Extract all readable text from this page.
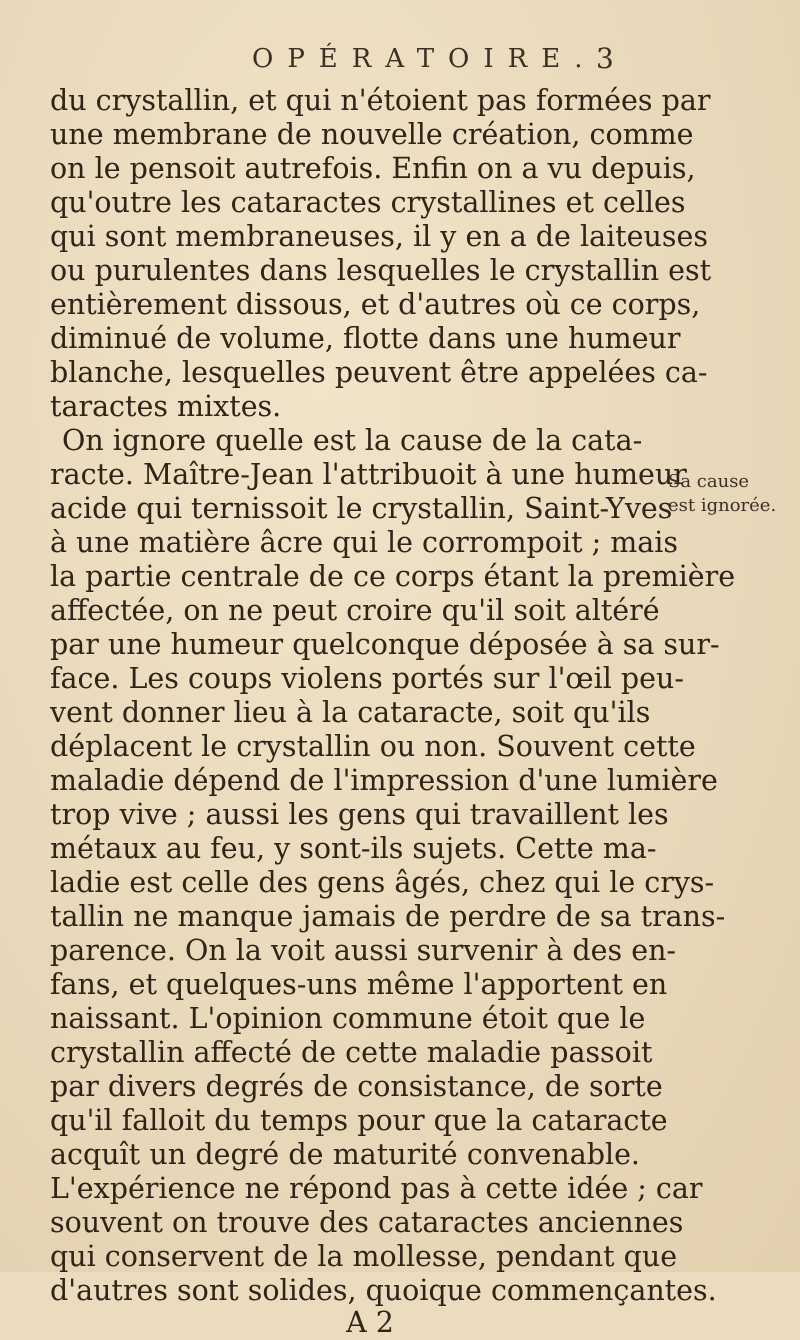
OPÉRATOIRE. 3
du crystallin, et qui n'étoient pas formées par
une membrane de nouvelle création, comme
on le pensoit autrefois. Enfin on a vu depuis,
qu'outre les cataractes crystallines et celles
qui sont membraneuses, il y en a de laiteuses
ou purulentes dans lesquelles le crystallin est
entièrement dissous, et d'autres où ce corps,
diminué de volume, flotte dans une humeur
blanche, lesquelles peuvent être appelées ca-
taractes mixtes.
On ignore quelle est la cause de la cata-
racte. Maître-Jean l'attribuoit à une humeur
acide qui ternissoit le crystallin, Saint-Yves
à une matière âcre qui le corrompoit ; mais
la partie centrale de ce corps étant la première
affectée, on ne peut croire qu'il soit altéré
par une humeur quelconque déposée à sa sur-
face. Les coups violens portés sur l'œil peu-
vent donner lieu à la cataracte, soit qu'ils
déplacent le crystallin ou non. Souvent cette
maladie dépend de l'impression d'une lumière
trop vive ; aussi les gens qui travaillent les
métaux au feu, y sont-ils sujets. Cette ma-
ladie est celle des gens âgés, chez qui le crys-
tallin ne manque jamais de perdre de sa trans-
parence. On la voit aussi survenir à des en-
fans, et quelques-uns même l'apportent en
naissant. L'opinion commune étoit que le
crystallin affecté de cette maladie passoit
par divers degrés de consistance, de sorte
qu'il falloit du temps pour que la cataracte
acquît un degré de maturité convenable.
L'expérience ne répond pas à cette idée ; car
souvent on trouve des cataractes anciennes
qui conservent de la mollesse, pendant que
d'autres sont solides, quoique commençantes.
A 2
Sa cause
est ignorée.
